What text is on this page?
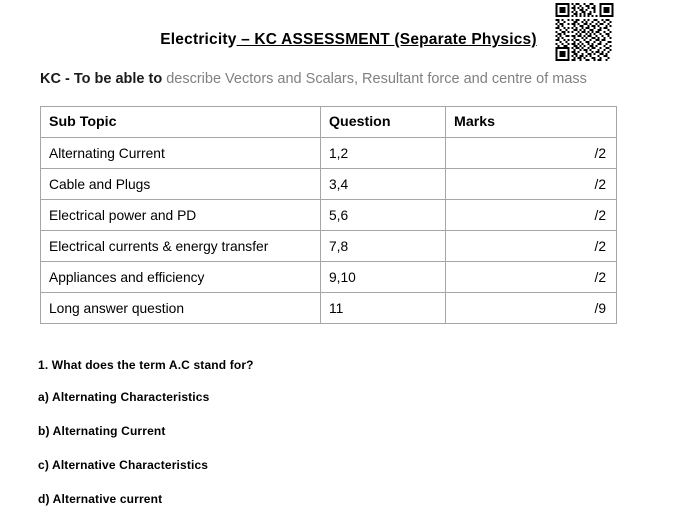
Electricity – KC ASSESSMENT (Separate Physics)
KC - To be able to describe Vectors and Scalars, Resultant force and centre of mass
Sub Topic	Question	Marks
Alternating Current	1,2	/2
Cable and Plugs	3,4	/2
Electrical power and PD	5,6	/2
Electrical currents & energy transfer	7,8	/2
Appliances and efficiency	9,10	/2
Long answer question	11	/9

1. What does the term A.C stand for?

a) Alternating Characteristics

b) Alternating Current

c) Alternative Characteristics

d) Alternative current
